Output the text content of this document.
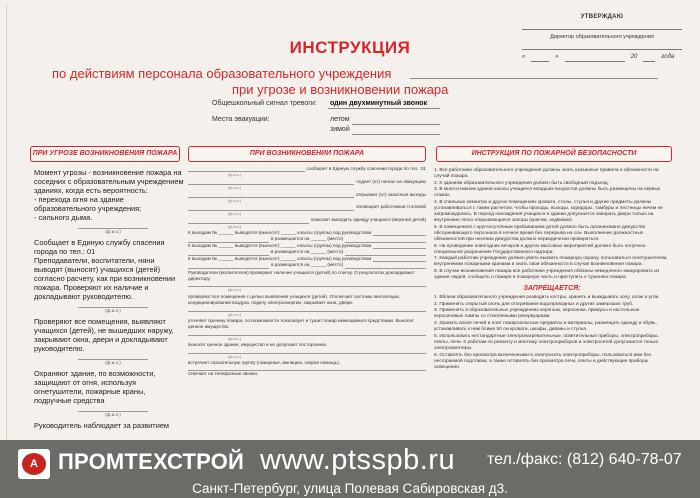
УТВЕРЖДАЮ
Директор образовательного учреждения
«	»	20	года
ИНСТРУКЦИЯ
по действиям персонала образовательного учреждения
при угрозе и возникновении пожара
Общешкольный сигнал тревоги: один двухминутный звонок
Места эвакуации:	летом
зимой
ПРИ УГРОЗЕ ВОЗНИКНОВЕНИЯ ПОЖАРА	ПРИ ВОЗНИКНОВЕНИИ ПОЖАРА	ИНСТРУКЦИЯ ПО ПОЖАРНОЙ БЕЗОПАСНОСТИ

Момент угрозы - возникновение пожара на соседних с образовательным учреждением зданиях, когда есть вероятность:

- перехода огня на здание образовательного учреждения;

- сильного дыма.

(ф.и.о.)

Сообщает в Единую службу спасения города по тел.: 01

Преподаватели, воспитатели, няни выводят (выносят) учащихся (детей) согласно расчету, как при возникновении пожара. Проверяют их наличие и докладывают руководителю.

(ф.и.о.)

Проверяют все помещения, выявляют учащихся (детей), не вышедших наружу, закрывают окна, двери и докладывают руководителю.

(ф.и.о.)

Охраняют здание, по возможности, защищают от огня, используя огнетушители, пожарные краны, подручные средства

(ф.и.о.)

Руководитель наблюдает за развитием

сообщает в Единую службу спасения города по тел.: 01
(ф.и.о.)
подает (от) сигнал на эвакуацию
(ф.и.о.)
открывает (от) запасные выходы
(ф.и.о.)
оповещает работников столовой
(ф.и.о.)
помогает выводить одежду учащихся (верхней детей)
(ф.и.о.)
К выходам № ______ выводятся (выносят) ______ классы (группы) под руководством
в размещается на ______ (место)
К выходам № ______ выводятся (выносят) ______ классы (группы) под руководством
в размещается на ______ (место)
К выходам № ______ выводятся (выносят) ______ классы (группы) под руководством
в размещается на ______ (место)
Руководители (воспитатели) проверяют наличие учащихся (детей) по списку. О результатах докладывают директору.
(ф.и.о.)
проверяют все помещения с целью выявления учащихся (детей). Отключает системы вентиляции, кондиционирования воздуха, подачу электроэнергии, закрывает окна, двери.
(ф.и.о.)
уточняет причину пожара, по возможности локализует и тушит пожар имеющимися средствами. Выносит ценное имущество.
(ф.и.о.)
выносят ценное здание, имущество и не допускает посторонних.
(ф.и.о.)
встречает спасательную группу (пожарные, милицию, скорая помощь).
отвечает на телефонные звонки.

1. Все работники образовательного учреждения должны знать указанные правила и обязанности на случай пожара.

2. К зданиям образовательного учреждения должен быть свободный подъезд.

3. В многоэтажном здании школы учащиеся младших возрастов должны быть размещены на первых этажах.

4. В спальных комнатах и других помещениях кровати, столы, стулья и другие предметы должны устанавливаться с таким расчетом, чтобы проходы, выходы, коридоры, тамбуры и лестницы ничем не загромождались. В период нахождения учащихся в здании допускается запирать двери только на внутренние легко открывающиеся запоры (крючки, задвижки).

5. В помещениях с круглосуточным пребыванием детей должно быть организовано дежурство обслуживающего персонала в ночное время без перерыва на сон. Выполнение должностных обязанностей при несении дежурства должно периодически проверяться.

6. На проведение новогодних вечеров и других массовых мероприятий должно быть получено специальное разрешение Государственного надзора.

7. Каждый работник учреждения должен уметь вызвать пожарную охрану, пользоваться огнетушителем, внутренними пожарными кранами и знать свои обязанности в случае возникновения пожара.

8. В случае возникновения пожара все работники учреждения обязаны немедленно эвакуировать из здания людей, сообщить о пожаре в пожарную часть и приступить к тушению пожара.

ЗАПРЕЩАЕТСЯ:

1. Вблизи образовательного учреждения разводить костры, хранить и выкидывать золу, шлак и угли.

2. Применять открытый огонь для отогревания водопроводных и других замерзших труб.

3. Применять в образовательных учреждениях керогазы, керосинки, примусы и настольные керосиновые лампы со стеклянными резервуарами.

4. Хранить возле печей и плит пожароопасные предметы и материалы, размещать одежду и обувь, устанавливать к ним ближе 50 см кровати, шкафы, диваны и стулья.

5. Использовать нестандартные электронагревательные, осветительные приборы, электроприборы, плиты, печи. К работам по ремонту и монтажу электроприборов и электросетей допускаются только электромонтеры.

6. Оставлять без присмотра включенными в электросеть электроприборы, пользоваться ими без несгораемой подставки, а также оставлять без присмотра печи, плиты и действующие приборы освещения.

А ПРОМТЕХСТРОЙ www.ptsspb.ru тел./факс: (812) 640-78-07
Санкт-Петербург, улица Полевая Сабировская д3.
